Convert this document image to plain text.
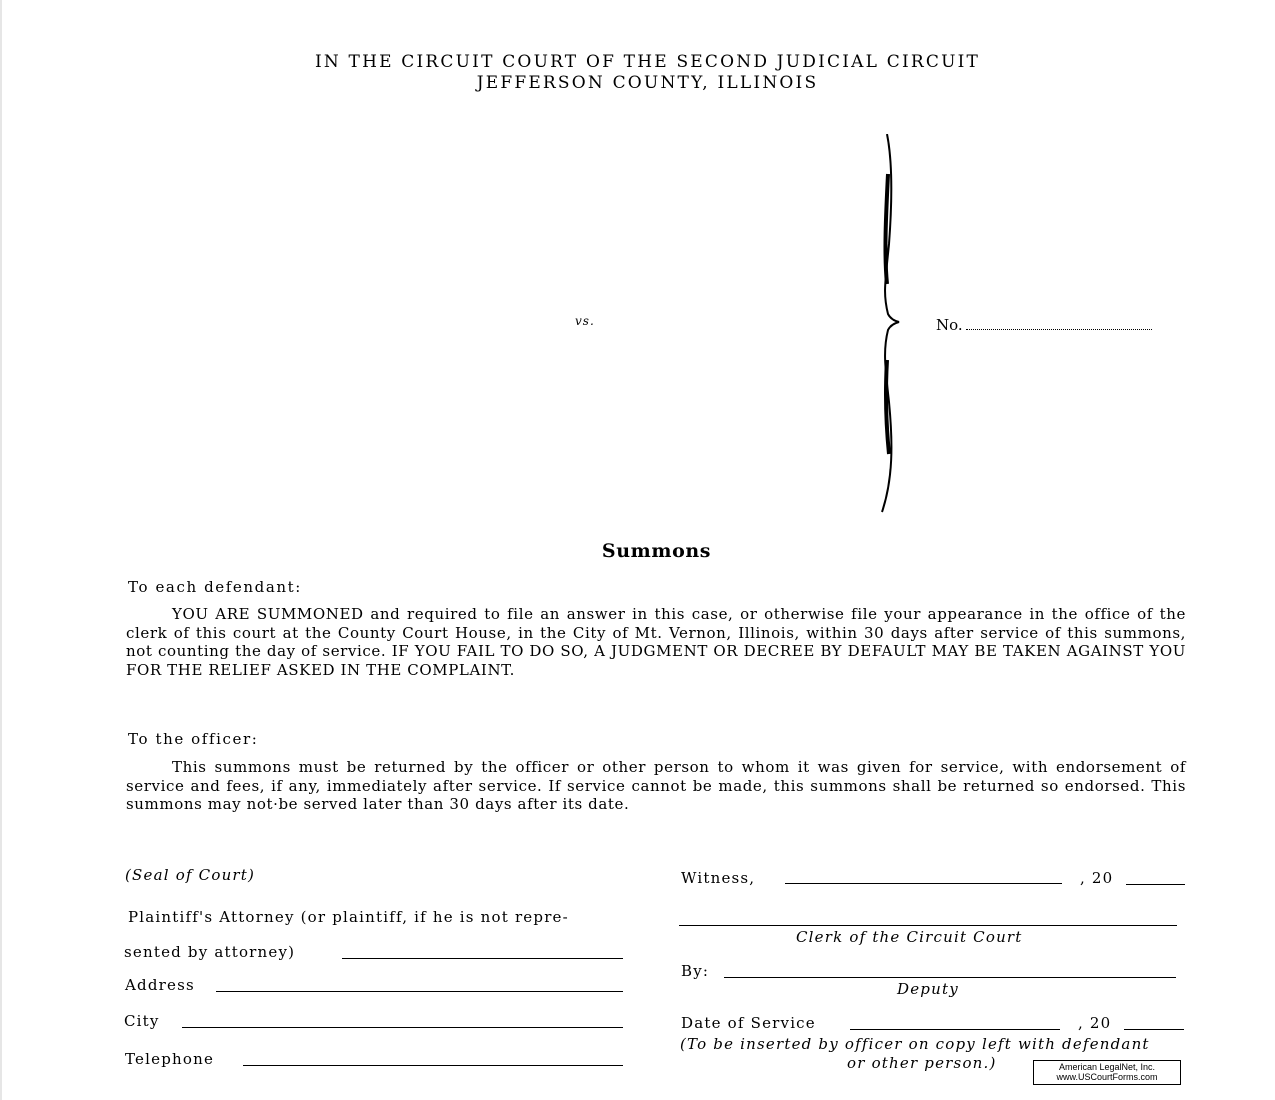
IN THE CIRCUIT COURT OF THE SECOND JUDICIAL CIRCUIT
JEFFERSON COUNTY, ILLINOIS
vs.	No.
Summons
To each defendant:
YOU ARE SUMMONED and required to file an answer in this case, or otherwise file your appearance in the office of the clerk of this court at the County Court House, in the City of Mt. Vernon, Illinois, within 30 days after service of this summons, not counting the day of service. IF YOU FAIL TO DO SO, A JUDGMENT OR DECREE BY DEFAULT MAY BE TAKEN AGAINST YOU FOR THE RELIEF ASKED IN THE COMPLAINT.
To the officer:
This summons must be returned by the officer or other person to whom it was given for service, with endorsement of service and fees, if any, immediately after service. If service cannot be made, this summons shall be returned so endorsed. This summons may not·be served later than 30 days after its date.
(Seal of Court)
Plaintiff's Attorney (or plaintiff, if he is not repre-
sented by attorney)
Address
City
Telephone
Witness,	, 20
Clerk of the Circuit Court
By:
Deputy
Date of Service	, 20
(To be inserted by officer on copy left with defendant
or other person.)	American LegalNet, Inc.
www.USCourtForms.com
